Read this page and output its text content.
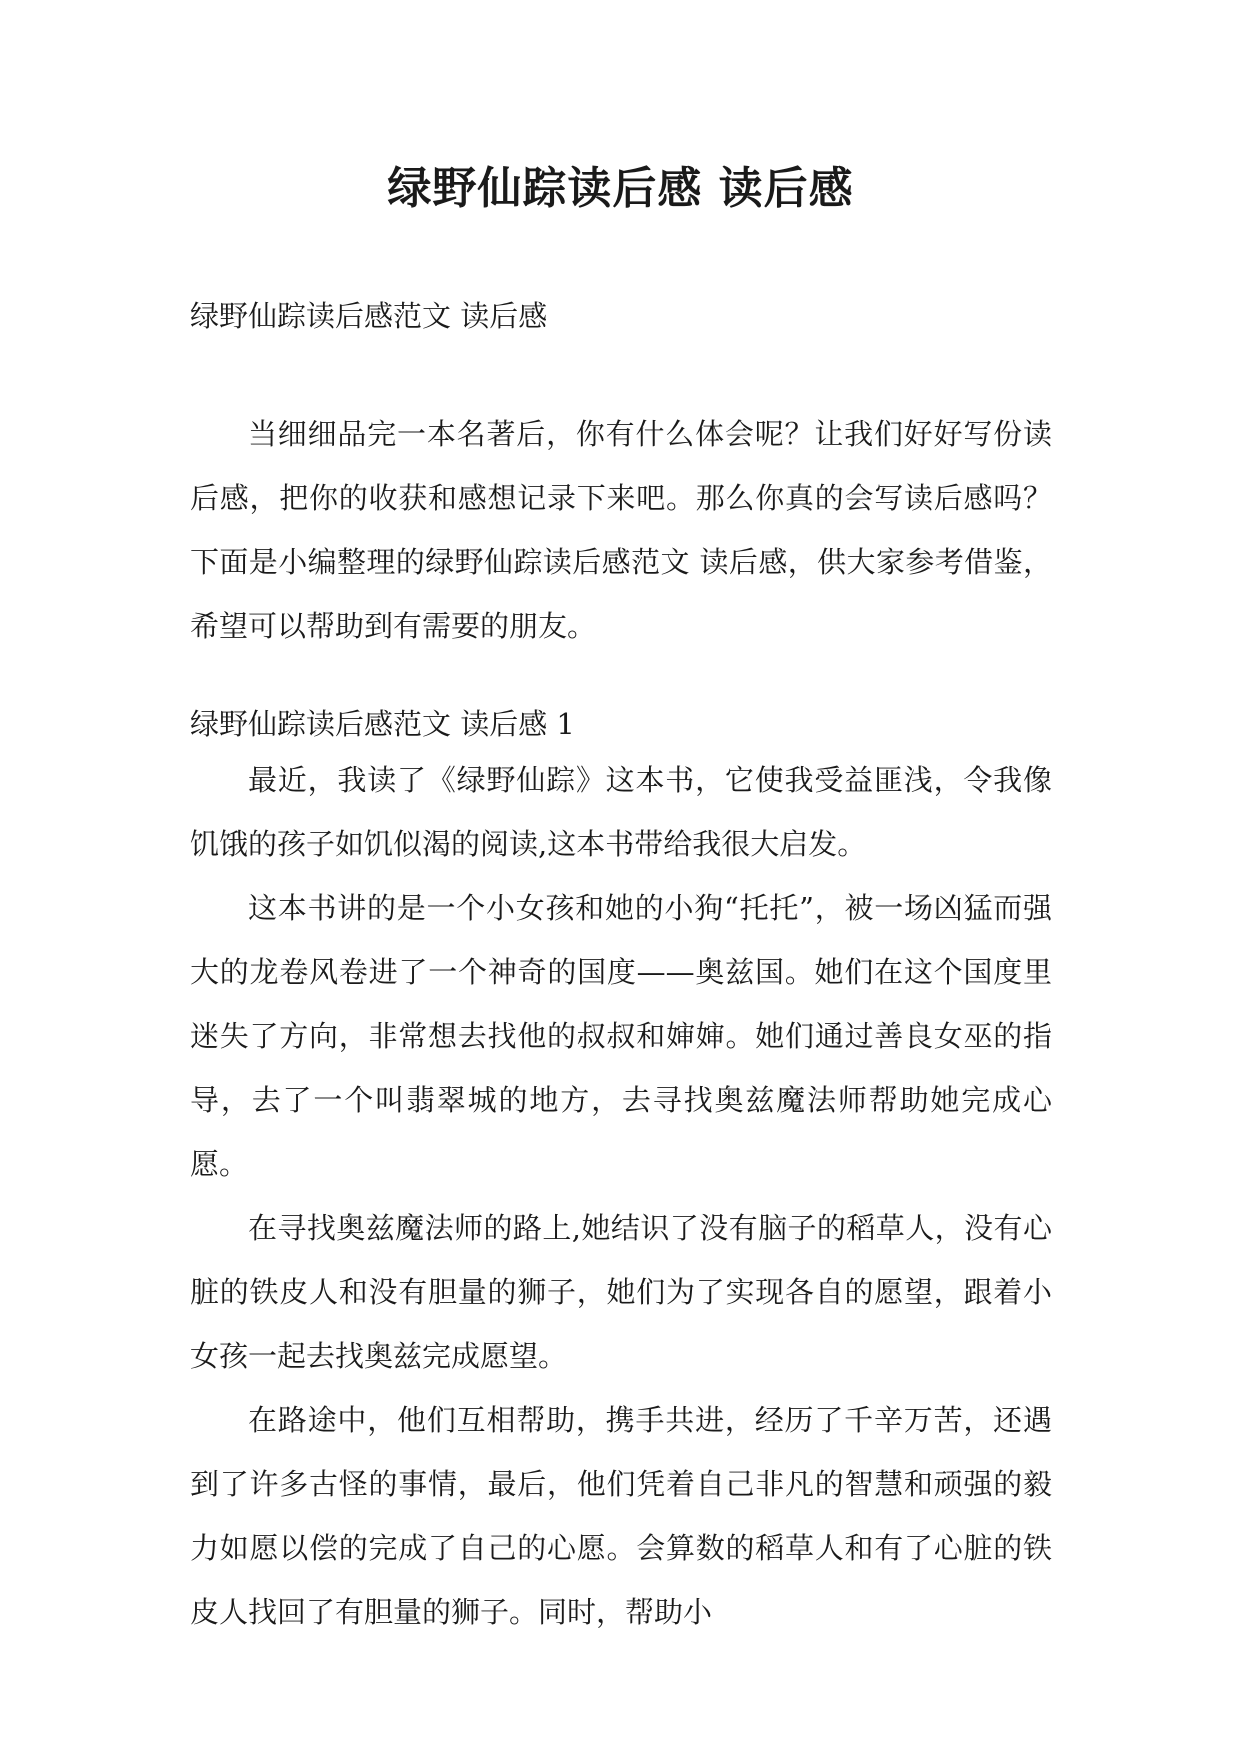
绿野仙踪读后感 读后感
绿野仙踪读后感范文 读后感

当细细品完一本名著后，你有什么体会呢？让我们好好写份读后感，把你的收获和感想记录下来吧。那么你真的会写读后感吗？下面是小编整理的绿野仙踪读后感范文 读后感，供大家参考借鉴，希望可以帮助到有需要的朋友。

绿野仙踪读后感范文 读后感 1

最近，我读了《绿野仙踪》这本书，它使我受益匪浅，令我像饥饿的孩子如饥似渴的阅读,这本书带给我很大启发。

这本书讲的是一个小女孩和她的小狗“托托”，被一场凶猛而强大的龙卷风卷进了一个神奇的国度——奥兹国。她们在这个国度里迷失了方向，非常想去找他的叔叔和婶婶。她们通过善良女巫的指导，去了一个叫翡翠城的地方，去寻找奥兹魔法师帮助她完成心愿。

在寻找奥兹魔法师的路上,她结识了没有脑子的稻草人，没有心脏的铁皮人和没有胆量的狮子，她们为了实现各自的愿望，跟着小女孩一起去找奥兹完成愿望。

在路途中，他们互相帮助，携手共进，经历了千辛万苦，还遇到了许多古怪的事情，最后，他们凭着自己非凡的智慧和顽强的毅力如愿以偿的完成了自己的心愿。会算数的稻草人和有了心脏的铁皮人找回了有胆量的狮子。同时，帮助小
